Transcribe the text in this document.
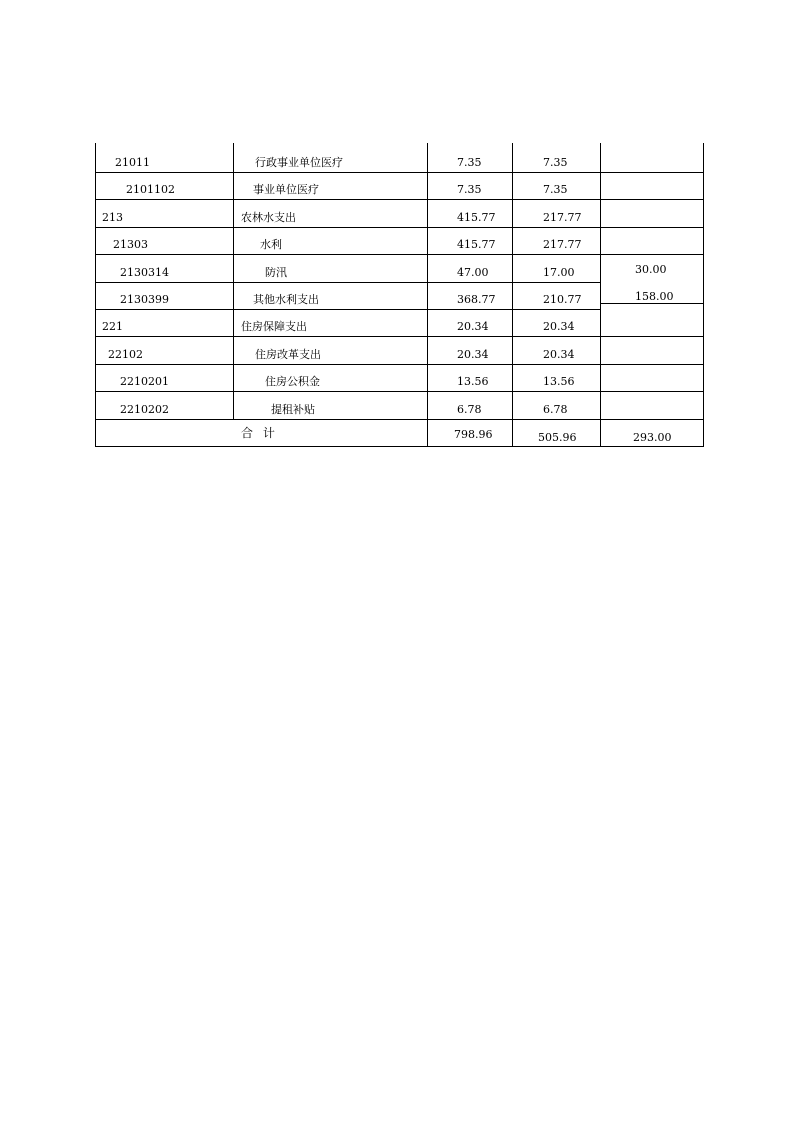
21011	行政事业单位医疗	7.35	7.35
2101102	事业单位医疗	7.35	7.35
213	农林水支出	415.77	217.77
21303	水利	415.77	217.77
2130314	防汛	47.00	17.00	30.00
2130399	其他水利支出	368.77	210.77	158.00
221	住房保障支出	20.34	20.34
22102	住房改革支出	20.34	20.34
2210201	住房公积金	13.56	13.56
2210202	提租补贴	6.78	6.78
合 计	798.96	505.96	293.00
